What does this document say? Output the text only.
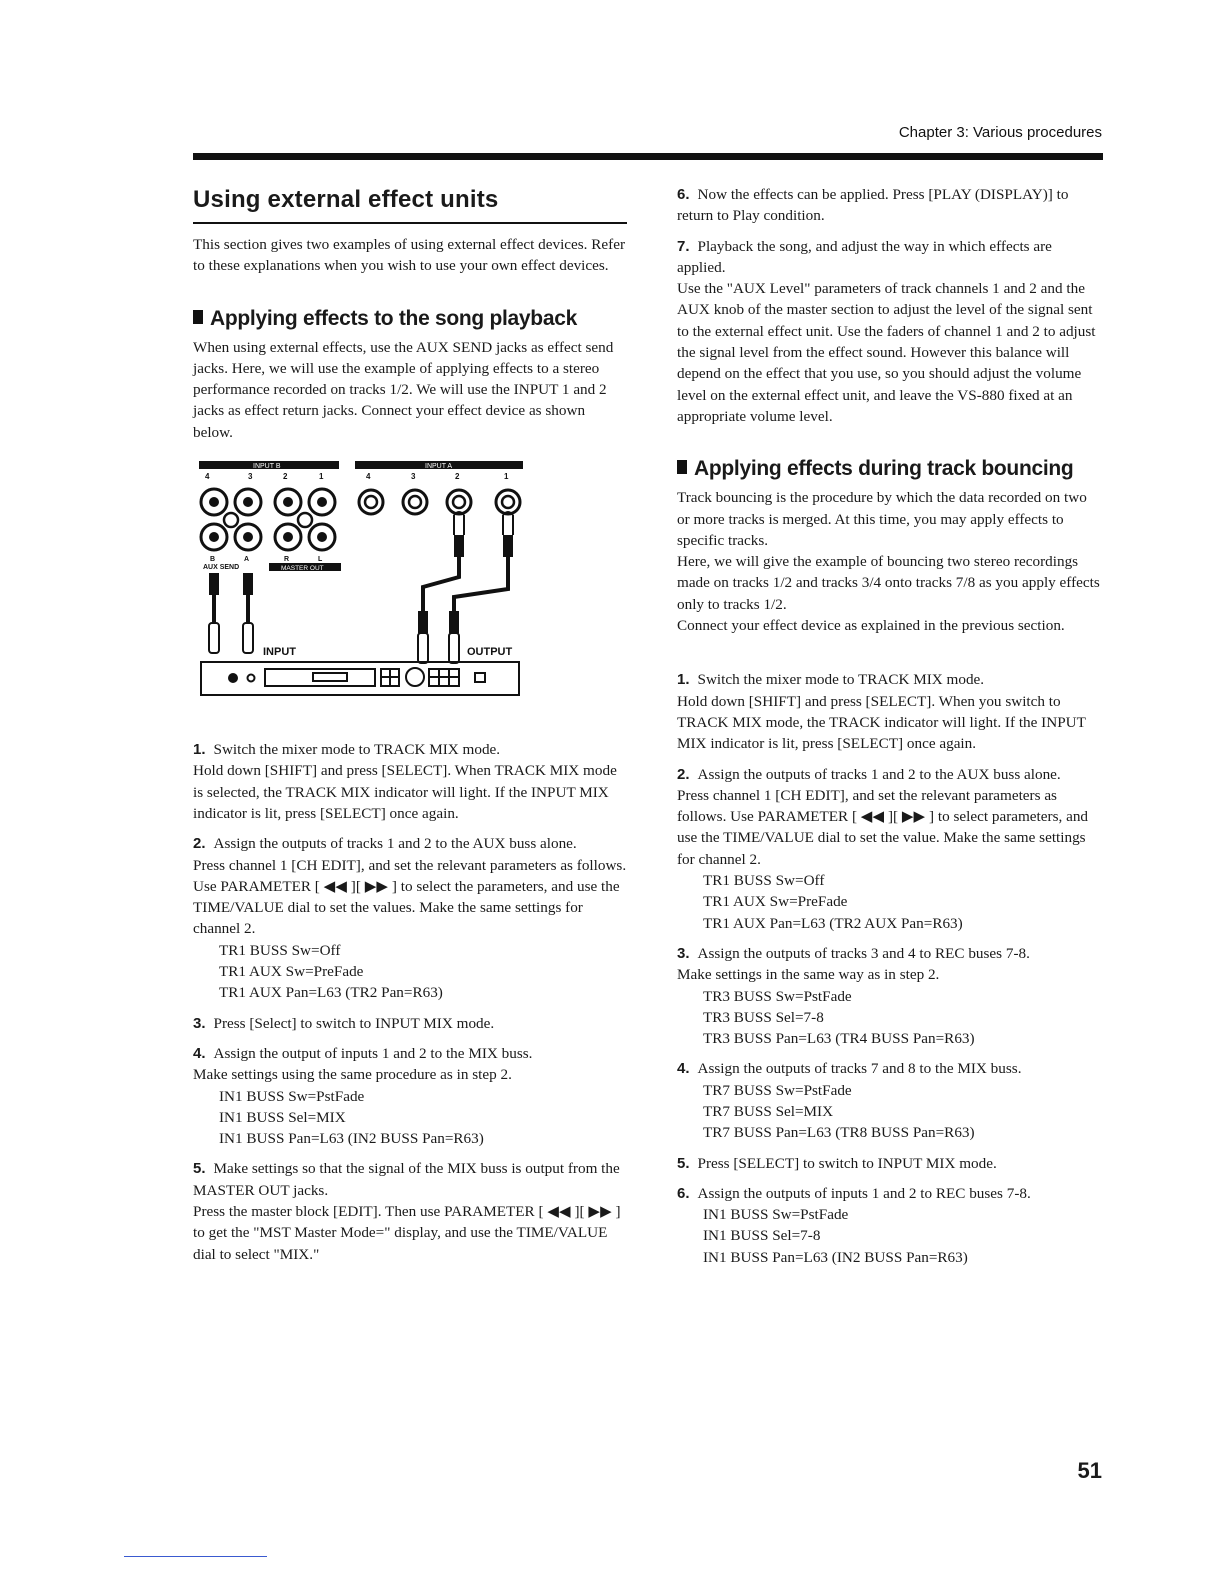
Chapter 3: Various procedures
Using external effect units

This section gives two examples of using external effect devices. Refer to these explanations when you wish to use your own effect devices.

Applying effects to the song playback

When using external effects, use the AUX SEND jacks as effect send jacks. Here, we will use the example of applying effects to a stereo performance recorded on tracks 1/2. We will use the INPUT 1 and 2 jacks as effect return jacks. Connect your effect device as shown below.

INPUT B	INPUT A
4	3	2	1	4	3	2	1
B	A	R	L
AUX SEND	MASTER OUT
INPUT	OUTPUT

1. Switch the mixer mode to TRACK MIX mode.

Hold down [SHIFT] and press [SELECT]. When TRACK MIX mode is selected, the TRACK MIX indicator will light. If the INPUT MIX indicator is lit, press [SELECT] once again.

2. Assign the outputs of tracks 1 and 2 to the AUX buss alone.

Press channel 1 [CH EDIT], and set the relevant parameters as follows. Use PARAMETER [ ◀◀ ][ ▶▶ ] to select the parameters, and use the TIME/VALUE dial to set the values. Make the same settings for channel 2.

TR1 BUSS Sw=Off

TR1 AUX Sw=PreFade

TR1 AUX Pan=L63 (TR2 Pan=R63)

3. Press [Select] to switch to INPUT MIX mode.

4. Assign the output of inputs 1 and 2 to the MIX buss.

Make settings using the same procedure as in step 2.

IN1 BUSS Sw=PstFade

IN1 BUSS Sel=MIX

IN1 BUSS Pan=L63 (IN2 BUSS Pan=R63)

5. Make settings so that the signal of the MIX buss is output from the MASTER OUT jacks.

Press the master block [EDIT]. Then use PARAMETER [ ◀◀ ][ ▶▶ ] to get the "MST Master Mode=" display, and use the TIME/VALUE dial to select "MIX."

6. Now the effects can be applied. Press [PLAY (DISPLAY)] to return to Play condition.

7. Playback the song, and adjust the way in which effects are applied.

Use the "AUX Level" parameters of track channels 1 and 2 and the AUX knob of the master section to adjust the level of the signal sent to the external effect unit. Use the faders of channel 1 and 2 to adjust the signal level from the effect sound. However this balance will depend on the effect that you use, so you should adjust the volume level on the external effect unit, and leave the VS-880 fixed at an appropriate volume level.

Applying effects during track bouncing

Track bouncing is the procedure by which the data recorded on two or more tracks is merged. At this time, you may apply effects to specific tracks.

Here, we will give the example of bouncing two stereo recordings made on tracks 1/2 and tracks 3/4 onto tracks 7/8 as you apply effects only to tracks 1/2.

Connect your effect device as explained in the previous section.

1. Switch the mixer mode to TRACK MIX mode.

Hold down [SHIFT] and press [SELECT]. When you switch to TRACK MIX mode, the TRACK indicator will light. If the INPUT MIX indicator is lit, press [SELECT] once again.

2. Assign the outputs of tracks 1 and 2 to the AUX buss alone.

Press channel 1 [CH EDIT], and set the relevant parameters as follows. Use PARAMETER [ ◀◀ ][ ▶▶ ] to select parameters, and use the TIME/VALUE dial to set the value. Make the same settings for channel 2.

TR1 BUSS Sw=Off

TR1 AUX Sw=PreFade

TR1 AUX Pan=L63 (TR2 AUX Pan=R63)

3. Assign the outputs of tracks 3 and 4 to REC buses 7-8.

Make settings in the same way as in step 2.

TR3 BUSS Sw=PstFade

TR3 BUSS Sel=7-8

TR3 BUSS Pan=L63 (TR4 BUSS Pan=R63)

4. Assign the outputs of tracks 7 and 8 to the MIX buss.

TR7 BUSS Sw=PstFade

TR7 BUSS Sel=MIX

TR7 BUSS Pan=L63 (TR8 BUSS Pan=R63)

5. Press [SELECT] to switch to INPUT MIX mode.

6. Assign the outputs of inputs 1 and 2 to REC buses 7-8.

IN1 BUSS Sw=PstFade

IN1 BUSS Sel=7-8

IN1 BUSS Pan=L63 (IN2 BUSS Pan=R63)

51
